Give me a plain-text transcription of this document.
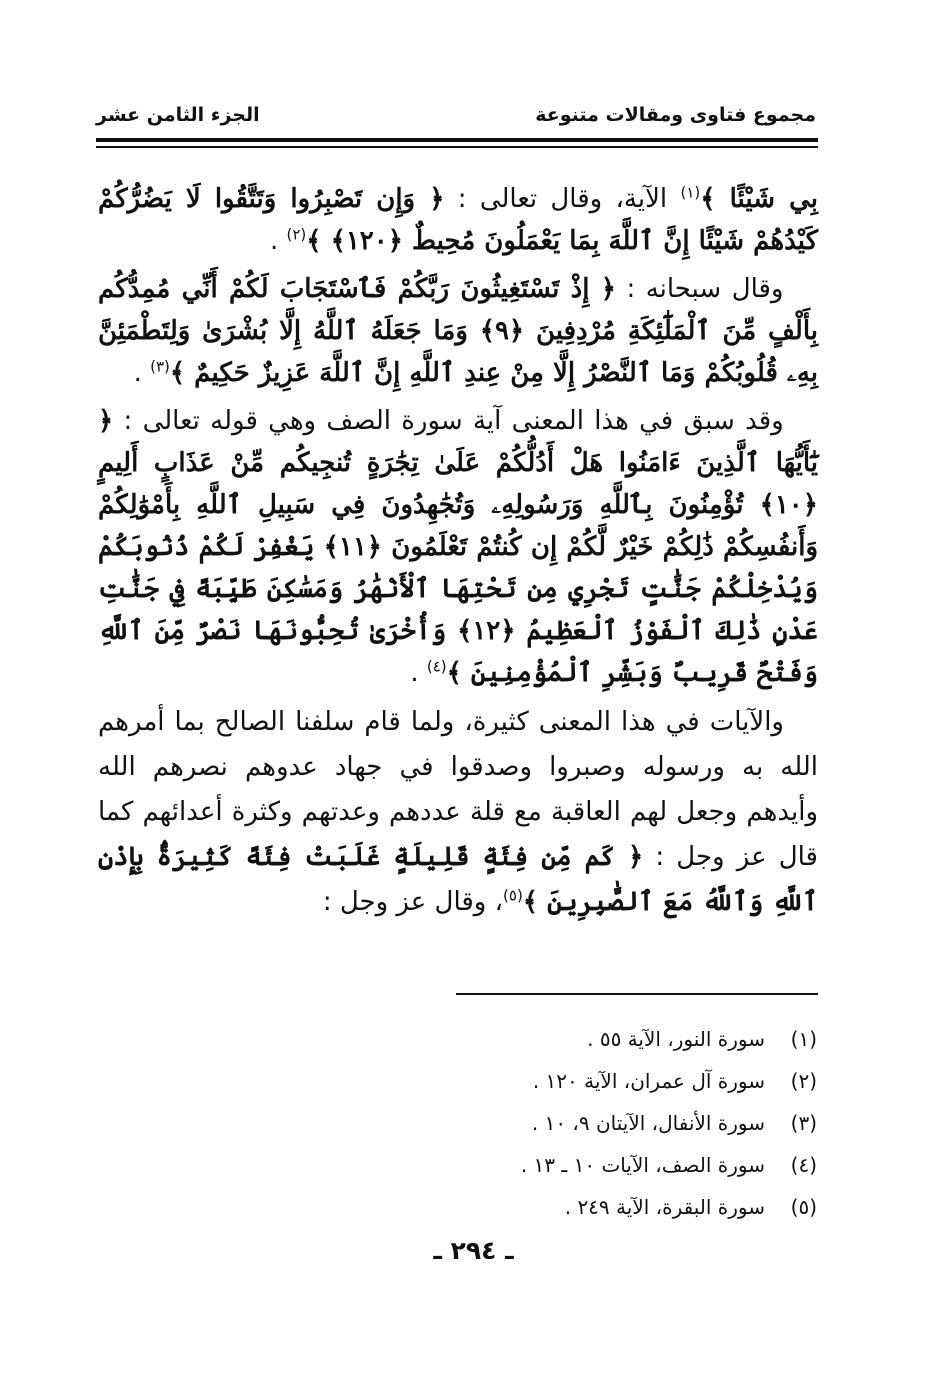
مجموع فتاوى ومقالات متنوعة
الجزء الثامن عشر

بِي شَيْئًا ﴾$^{(١)}$ الآية، وقال تعالى : ﴿ وَإِن تَصْبِرُوا وَتَتَّقُوا لَا يَضُرُّكُمْ كَيْدُهُمْ شَيْئًا إِنَّ ٱللَّهَ بِمَا يَعْمَلُونَ مُحِيطٌ ﴿١٢٠﴾ ﴾$^{(٢)}$ .

وقال سبحانه : ﴿ إِذْ تَسْتَغِيثُونَ رَبَّكُمْ فَٱسْتَجَابَ لَكُمْ أَنِّي مُمِدُّكُم بِأَلْفٍ مِّنَ ٱلْمَلَٰٓئِكَةِ مُرْدِفِينَ ﴿٩﴾ وَمَا جَعَلَهُ ٱللَّهُ إِلَّا بُشْرَىٰ وَلِتَطْمَئِنَّ بِهِۦ قُلُوبُكُمْ وَمَا ٱلنَّصْرُ إِلَّا مِنْ عِندِ ٱللَّهِ إِنَّ ٱللَّهَ عَزِيزٌ حَكِيمٌ ﴾$^{(٣)}$ .

وقد سبق في هذا المعنى آية سورة الصف وهي قوله تعالى : ﴿ يَٰٓأَيُّهَا ٱلَّذِينَ ءَامَنُوا هَلْ أَدُلُّكُمْ عَلَىٰ تِجَٰرَةٍ تُنجِيكُم مِّنْ عَذَابٍ أَلِيمٍ ﴿١٠﴾ تُؤْمِنُونَ بِٱللَّهِ وَرَسُولِهِۦ وَتُجَٰهِدُونَ فِي سَبِيلِ ٱللَّهِ بِأَمْوَٰلِكُمْ وَأَنفُسِكُمْ ذَٰلِكُمْ خَيْرٌ لَّكُمْ إِن كُنتُمْ تَعْلَمُونَ ﴿١١﴾ يَغْفِرْ لَكُمْ ذُنُوبَكُمْ وَيُدْخِلْكُمْ جَنَّٰتٍ تَجْرِي مِن تَحْتِهَا ٱلْأَنْهَٰرُ وَمَسَٰكِنَ طَيِّبَةً فِي جَنَّٰتِ عَدْنٍ ذَٰلِكَ ٱلْفَوْزُ ٱلْعَظِيمُ ﴿١٢﴾ وَأُخْرَىٰ تُحِبُّونَهَا نَصْرٌ مِّنَ ٱللَّهِ وَفَتْحٌ قَرِيبٌ وَبَشِّرِ ٱلْمُؤْمِنِينَ ﴾$^{(٤)}$ .

والآيات في هذا المعنى كثيرة، ولما قام سلفنا الصالح بما أمرهم الله به ورسوله وصبروا وصدقوا في جهاد عدوهم نصرهم الله وأيدهم وجعل لهم العاقبة مع قلة عددهم وعدتهم وكثرة أعدائهم كما قال عز وجل : ﴿ كَم مِّن فِئَةٍ قَلِيلَةٍ غَلَبَتْ فِئَةً كَثِيرَةًۢ بِإِذْنِ ٱللَّهِ وَٱللَّهُ مَعَ ٱلصَّٰبِرِينَ ﴾$^{(٥)}$، وقال عز وجل :

(١)سورة النور، الآية ٥٥ .
(٢)سورة آل عمران، الآية ١٢٠ .
(٣)سورة الأنفال، الآيتان ٩، ١٠ .
(٤)سورة الصف، الآيات ١٠ ـ ١٣ .
(٥)سورة البقرة، الآية ٢٤٩ .
ـ ٢٩٤ ـ
